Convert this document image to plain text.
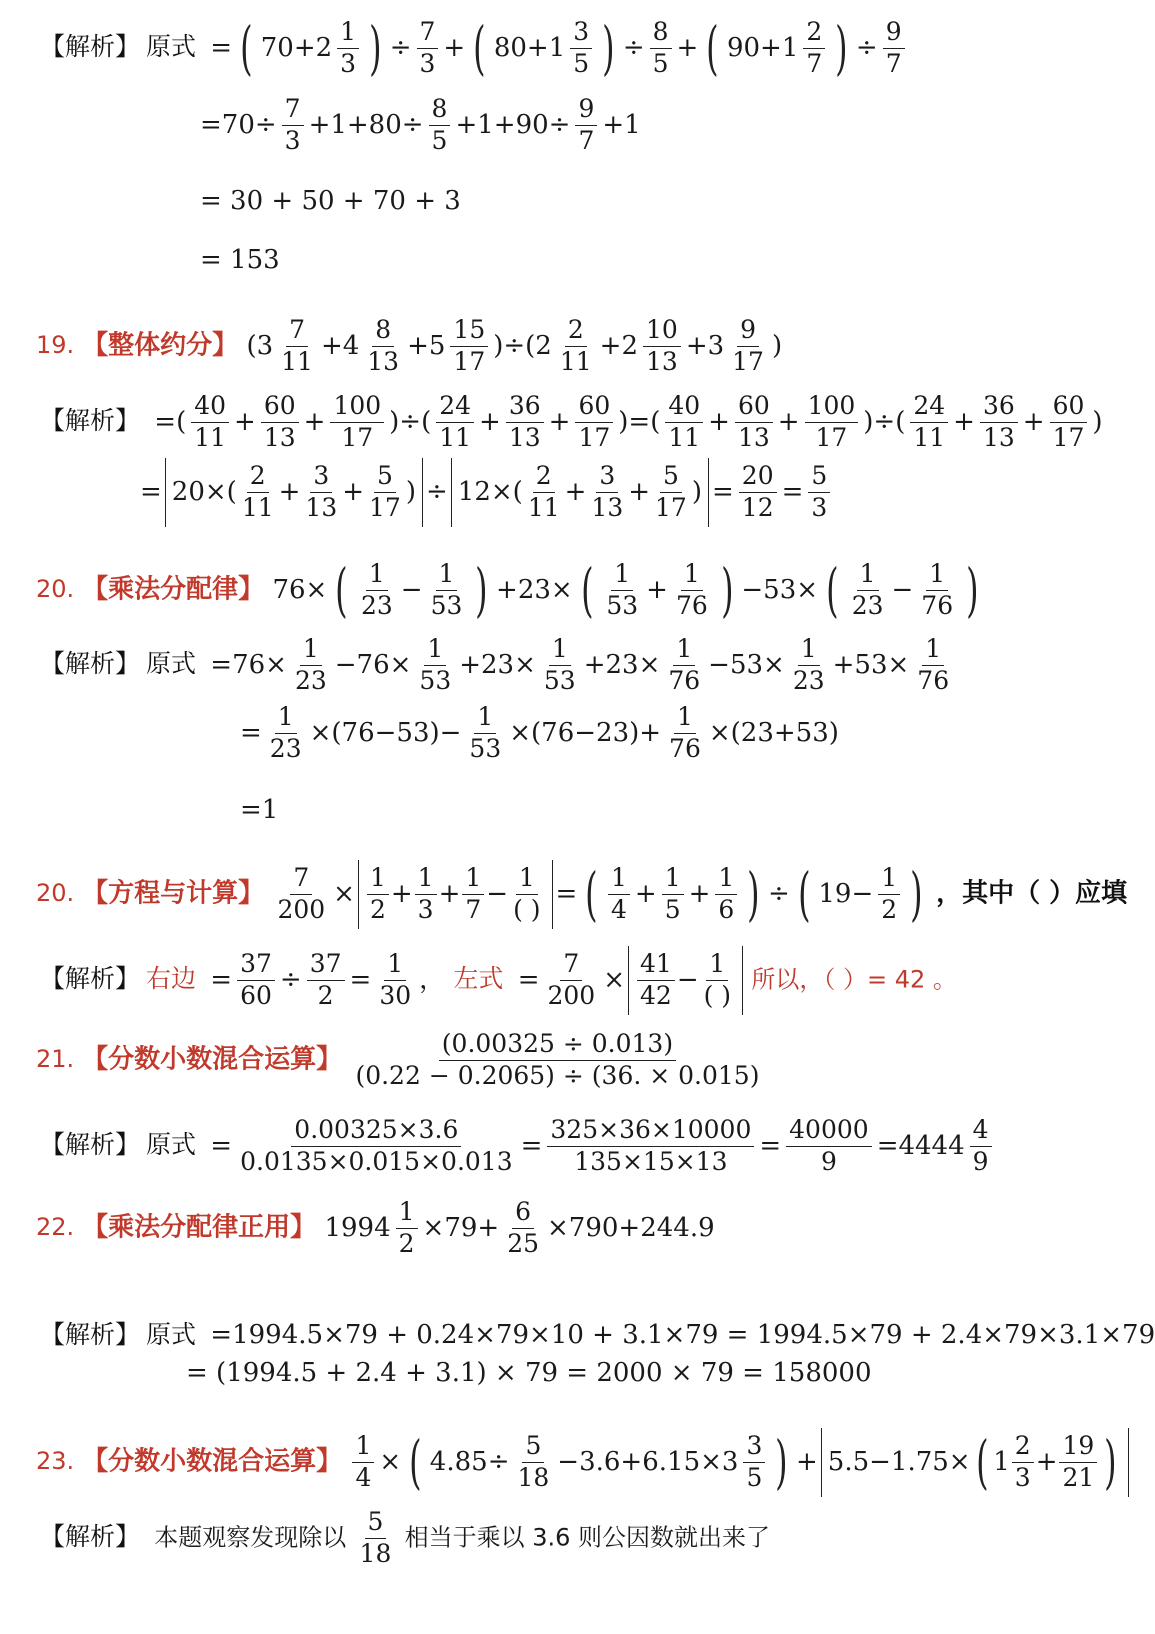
【解析】 原式 = ( $70+2 \frac{1}{3}$ ) ÷ $\frac{7}{3}$ + ( $80+1 \frac{3}{5}$ ) ÷ $\frac{8}{5}$ + ( $90+1 \frac{2}{7}$ ) ÷ $\frac{9}{7}$
$=70\div \frac{7}{3} +1+80\div \frac{8}{5} +1+90\div \frac{9}{7} +1$
= 30 + 50 + 70 + 3
= 153
19. 【整体约分】 $(3 \frac{7}{11} +4 \frac{8}{13} +5 \frac{15}{17} )\div(2 \frac{2}{11} +2 \frac{10}{13} +3 \frac{9}{17}$ )
【解析】 =( $\frac{40}{11} + \frac{60}{13} + \frac{100}{17}$ )÷( $\frac{24}{11} + \frac{36}{13} + \frac{60}{17}$ )=( $\frac{40}{11} + \frac{60}{13} + \frac{100}{17}$ )÷( $\frac{24}{11} + \frac{36}{13} + \frac{60}{17}$ )
= $20\times( \frac{2}{11} + \frac{3}{13} + \frac{5}{17}$ ) ÷ $12\times( \frac{2}{11} + \frac{3}{13} + \frac{5}{17}$ ) = $\frac{20}{12} = \frac{5}{3}$
20. 【乘法分配律】 76× ( $\frac{1}{23} - \frac{1}{53}$ ) +23× ( $\frac{1}{53} + \frac{1}{76}$ ) −53× ( $\frac{1}{23} - \frac{1}{76}$ )
【解析】 原式 $=76\times \frac{1}{23} -76\times \frac{1}{53} +23\times \frac{1}{53} +23\times \frac{1}{76} -53\times \frac{1}{23} +53\times \frac{1}{76}$
= $\frac{1}{23} \times(76-53)- \frac{1}{53} \times(76-23)+ \frac{1}{76} \times(23+53)$
=1
20. 【方程与计算】 $\frac{7}{200} \times \frac{1}{2} + \frac{1}{3} + \frac{1}{7} - \frac{1}{( )}$ = ( $\frac{1}{4} + \frac{1}{5} + \frac{1}{6}$ ) ÷ ( $19- \frac{1}{2}$ ) ，其中（ ）应填
【解析】 右边 = $\frac{37}{60} \div \frac{37}{2} = \frac{1}{30}$ ， 左式 = $\frac{7}{200} \times \frac{41}{42} - \frac{1}{( )}$ 所以，（ ）= 42 。
21. 【分数小数混合运算】 $\frac{(0.00325 \div 0.013)}{(0.22 - 0.2065) \div (36. \times 0.015)}$
【解析】 原式 = $\frac{0.00325\times 3.6}{0.0135\times 0.015\times 0.013} = \frac{325\times 36\times 10000}{135\times 15\times 13} = \frac{40000}{9} =4444 \frac{4}{9}$
22. 【乘法分配律正用】 $1994 \frac{1}{2} \times 79+ \frac{6}{25} \times 790+244.9$
【解析】 原式 =1994.5×79 + 0.24×79×10 + 3.1×79 = 1994.5×79 + 2.4×79×3.1×79
= (1994.5 + 2.4 + 3.1) × 79 = 2000 × 79 = 158000
23. 【分数小数混合运算】 $\frac{1}{4}$ × ( $4.85\div \frac{5}{18} -3.6+6.15\times 3 \frac{3}{5}$ ) + 5.5−1.75× ( $1 \frac{2}{3} + \frac{19}{21}$ )
【解析】 本题观察发现除以 $\frac{5}{18}$ 相当于乘以 3.6 则公因数就出来了
